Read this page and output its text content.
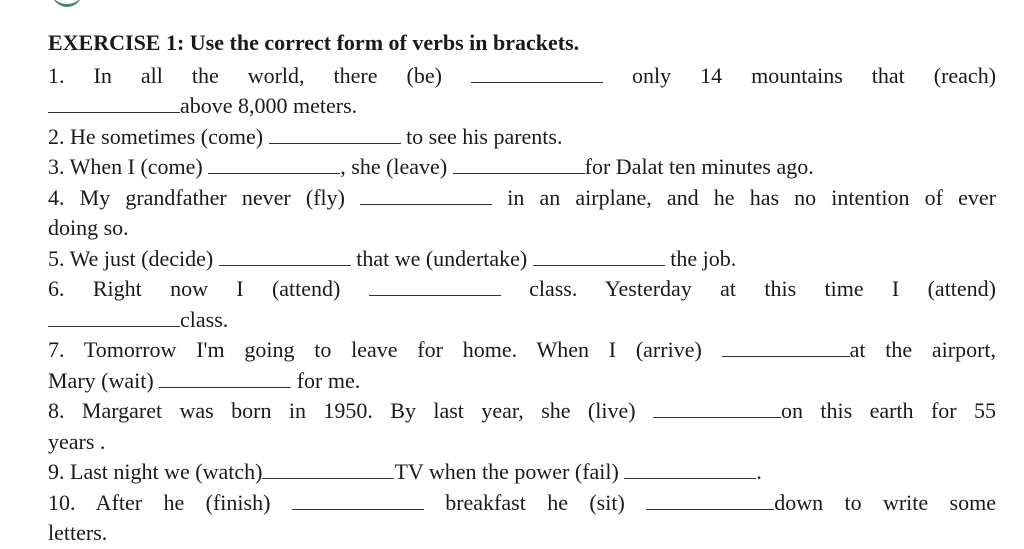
EXERCISE 1: Use the correct form of verbs in brackets.
1. In all the world, there (be)	only 14 mountains that (reach)
above 8,000 meters.
2. He sometimes (come)	to see his parents.
3. When I (come)	, she (leave)	for Dalat ten minutes ago.
4. My grandfather never (fly)	in an airplane, and he has no intention of ever
doing so.
5. We just (decide)	that we (undertake)	the job.
6. Right now I (attend)	class. Yesterday at this time I (attend)
class.
7. Tomorrow I'm going to leave for home. When I (arrive)	at the airport,
Mary (wait)	for me.
8. Margaret was born in 1950. By last year, she (live)	on this earth for 55
years .
9. Last night we (watch)	TV when the power (fail)	.
10. After he (finish)	breakfast he (sit)	down to write some
letters.
